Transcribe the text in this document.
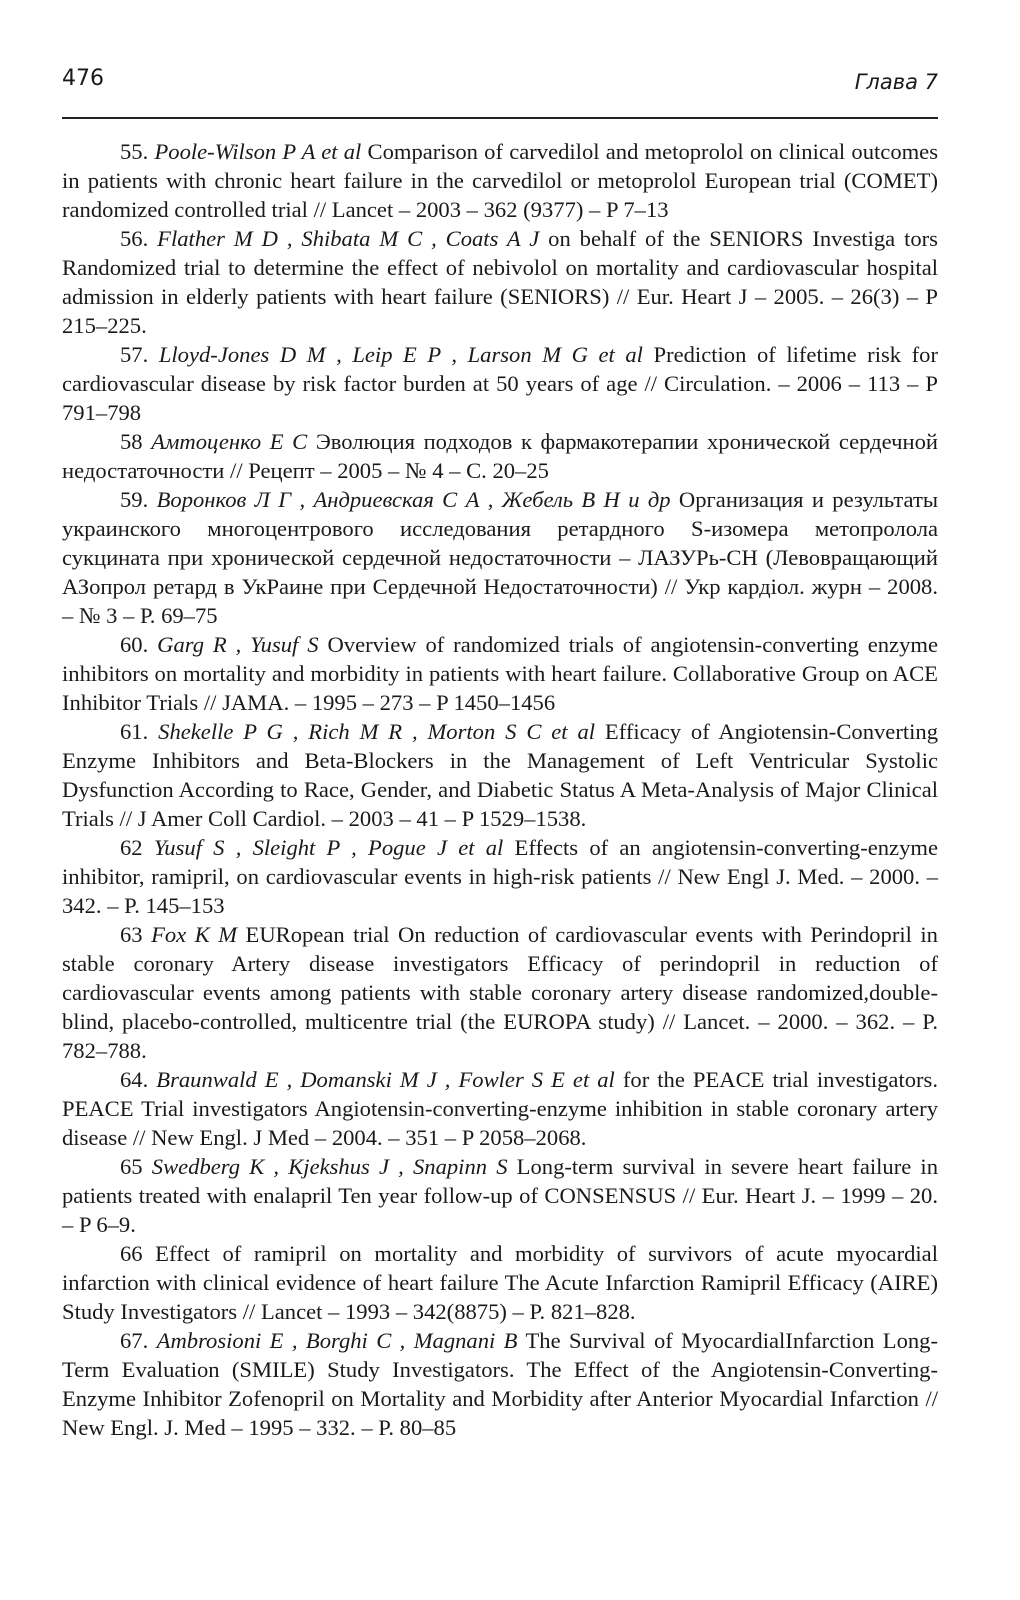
476	Глава 7

55. Poole-Wilson P A et al Comparison of carvedilol and metoprolol on clinical outcomes in patients with chronic heart failure in the carvedilol or metoprolol European trial (COMET) randomized controlled trial // Lancet – 2003 – 362 (9377) – P 7–13

56. Flather M D , Shibata M C , Coats A J on behalf of the SENIORS Investiga tors Randomized trial to determine the effect of nebivolol on mortality and cardiovascular hospital admission in elderly patients with heart failure (SENIORS) // Eur. Heart J – 2005. – 26(3) – P 215–225.

57. Lloyd-Jones D M , Leip E P , Larson M G et al Prediction of lifetime risk for cardiovascular disease by risk factor burden at 50 years of age // Circulation. – 2006 – 113 – P 791–798

58 Амтоценко Е С Эволюция подходов к фармакотерапии хронической сердечной недостаточности // Рецепт – 2005 – № 4 – С. 20–25

59. Воронков Л Г , Андриевская С А , Жебель В Н и др Организация и результаты украинского многоцентрового исследования ретардного S-изомера метопролола сукцината при хронической сердечной недостаточности – ЛАЗУРь-СН (Левовращающий АЗопрол ретард в УкРаине при Сердечной Недостаточности) // Укр кардіол. журн – 2008. – № 3 – Р. 69–75

60. Garg R , Yusuf S Overview of randomized trials of angiotensin-converting enzyme inhibitors on mortality and morbidity in patients with heart failure. Collaborative Group on ACE Inhibitor Trials // JAMA. – 1995 – 273 – P 1450–1456

61. Shekelle P G , Rich M R , Morton S C et al Efficacy of Angiotensin-Converting Enzyme Inhibitors and Beta-Blockers in the Management of Left Ventricular Systolic Dysfunction According to Race, Gender, and Diabetic Status A Meta-Analysis of Major Clinical Trials // J Amer Coll Cardiol. – 2003 – 41 – P 1529–1538.

62 Yusuf S , Sleight P , Pogue J et al Effects of an angiotensin-converting-enzyme inhibitor, ramipril, on cardiovascular events in high-risk patients // New Engl J. Med. – 2000. – 342. – P. 145–153

63 Fox K M EURopean trial On reduction of cardiovascular events with Perindopril in stable coronary Artery disease investigators Efficacy of perindopril in reduction of cardiovascular events among patients with stable coronary artery disease randomized,double-blind, placebo-controlled, multicentre trial (the EUROPA study) // Lancet. – 2000. – 362. – P. 782–788.

64. Braunwald E , Domanski M J , Fowler S E et al for the PEACE trial investigators. PEACE Trial investigators Angiotensin-converting-enzyme inhibition in stable coronary artery disease // New Engl. J Med – 2004. – 351 – P 2058–2068.

65 Swedberg K , Kjekshus J , Snapinn S Long-term survival in severe heart failure in patients treated with enalapril Ten year follow-up of CONSENSUS // Eur. Heart J. – 1999 – 20. – P 6–9.

66 Effect of ramipril on mortality and morbidity of survivors of acute myocardial infarction with clinical evidence of heart failure The Acute Infarction Ramipril Efficacy (AIRE) Study Investigators // Lancet – 1993 – 342(8875) – P. 821–828.

67. Ambrosioni E , Borghi C , Magnani B The Survival of MyocardialInfarction Long-Term Evaluation (SMILE) Study Investigators. The Effect of the Angiotensin-Converting-Enzyme Inhibitor Zofenopril on Mortality and Morbidity after Anterior Myocardial Infarction // New Engl. J. Med – 1995 – 332. – P. 80–85
